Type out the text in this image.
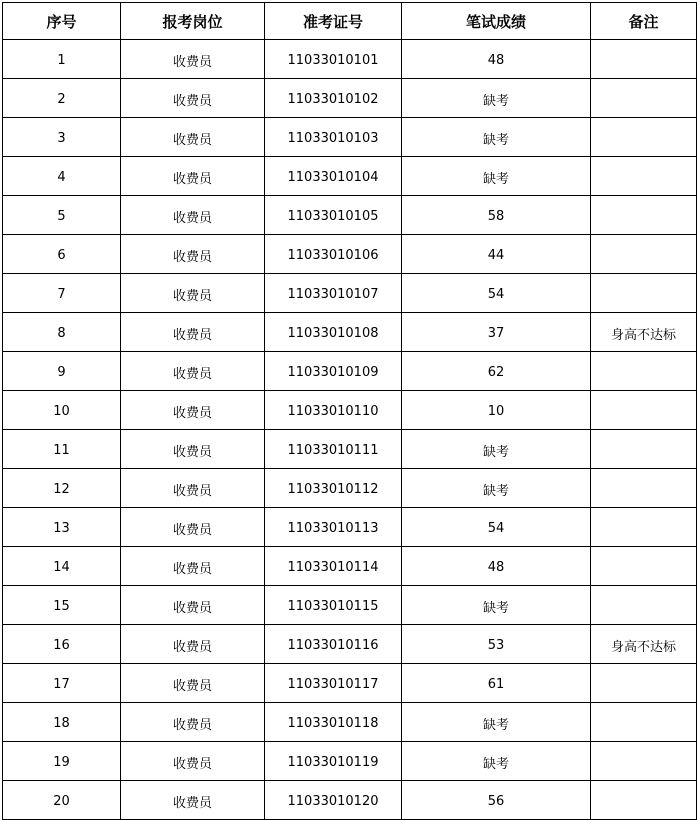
序号	报考岗位	准考证号	笔试成绩	备注
1	收费员	11033010101	48	
2	收费员	11033010102	缺考	
3	收费员	11033010103	缺考	
4	收费员	11033010104	缺考	
5	收费员	11033010105	58	
6	收费员	11033010106	44	
7	收费员	11033010107	54	
8	收费员	11033010108	37	身高不达标
9	收费员	11033010109	62	
10	收费员	11033010110	10	
11	收费员	11033010111	缺考	
12	收费员	11033010112	缺考	
13	收费员	11033010113	54	
14	收费员	11033010114	48	
15	收费员	11033010115	缺考	
16	收费员	11033010116	53	身高不达标
17	收费员	11033010117	61	
18	收费员	11033010118	缺考	
19	收费员	11033010119	缺考	
20	收费员	11033010120	56	
